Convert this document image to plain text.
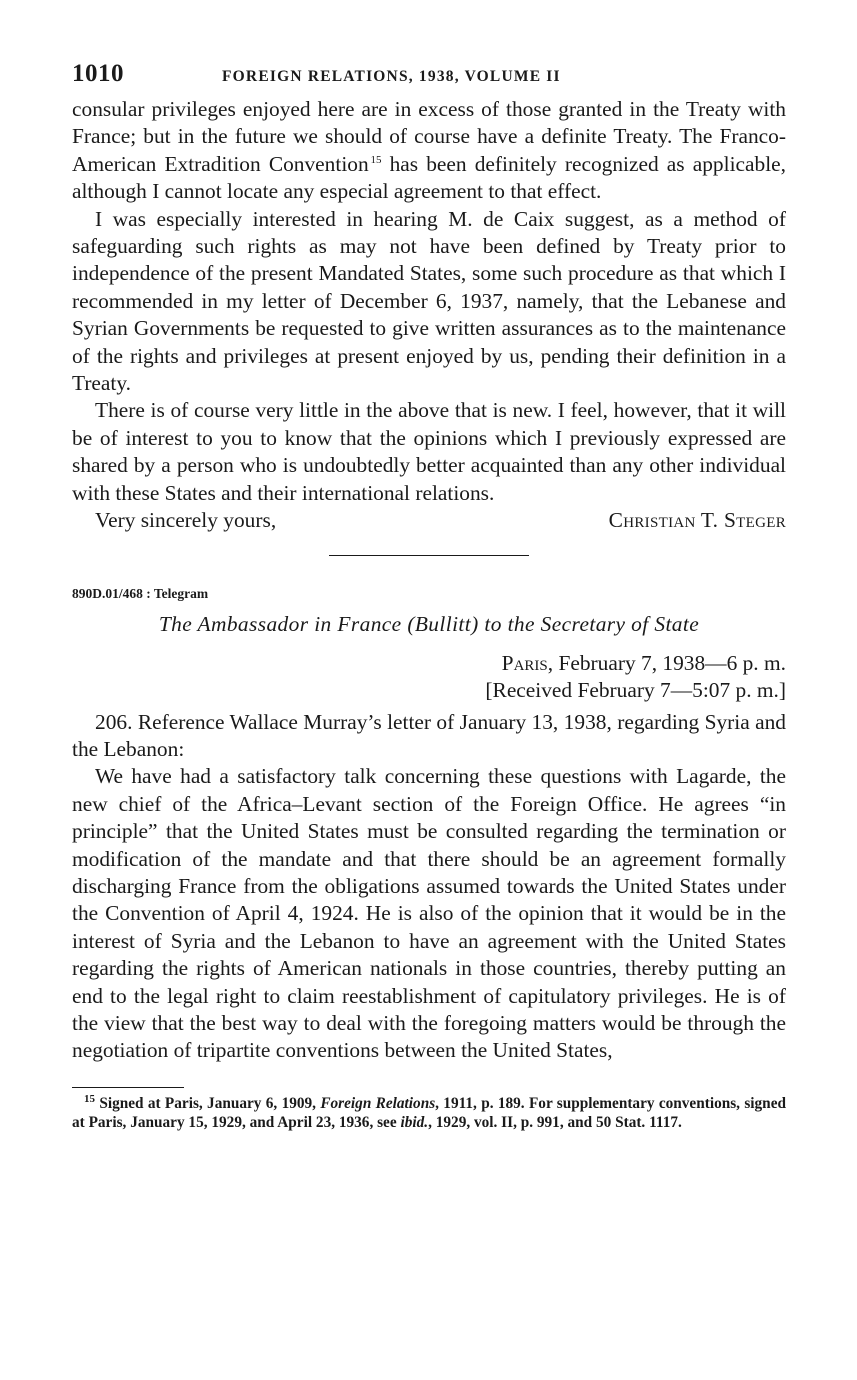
1010	FOREIGN RELATIONS, 1938, VOLUME II

consular privileges enjoyed here are in excess of those granted in the Treaty with France; but in the future we should of course have a definite Treaty. The Franco-American Extradition Convention  $^{15}$ has been definitely recognized as applicable, although I cannot locate any especial agreement to that effect.

I was especially interested in hearing M. de Caix suggest, as a method of safeguarding such rights as may not have been defined by Treaty prior to independence of the present Mandated States, some such procedure as that which I recommended in my letter of December 6, 1937, namely, that the Lebanese and Syrian Governments be requested to give written assurances as to the maintenance of the rights and privileges at present enjoyed by us, pending their definition in a Treaty.

There is of course very little in the above that is new. I feel, however, that it will be of interest to you to know that the opinions which I previously expressed are shared by a person who is undoubtedly better acquainted than any other individual with these States and their international relations.

Very sincerely yours,	Christian T. Steger
890D.01/468 : Telegram
The Ambassador in France (Bullitt) to the Secretary of State
Paris, February 7, 1938—6 p. m.
[Received February 7—5:07 p. m.]

206. Reference Wallace Murray’s letter of January 13, 1938, regarding Syria and the Lebanon:

We have had a satisfactory talk concerning these questions with Lagarde, the new chief of the Africa–Levant section of the Foreign Office. He agrees “in principle” that the United States must be consulted regarding the termination or modification of the mandate and that there should be an agreement formally discharging France from the obligations assumed towards the United States under the Convention of April 4, 1924. He is also of the opinion that it would be in the interest of Syria and the Lebanon to have an agreement with the United States regarding the rights of American nationals in those countries, thereby putting an end to the legal right to claim reestablishment of capitulatory privileges. He is of the view that the best way to deal with the foregoing matters would be through the negotiation of tripartite conventions between the United States,

$^{15}$ Signed at Paris, January 6, 1909, Foreign Relations, 1911, p. 189. For supplementary conventions, signed at Paris, January 15, 1929, and April 23, 1936, see ibid., 1929, vol. II, p. 991, and 50 Stat. 1117.
